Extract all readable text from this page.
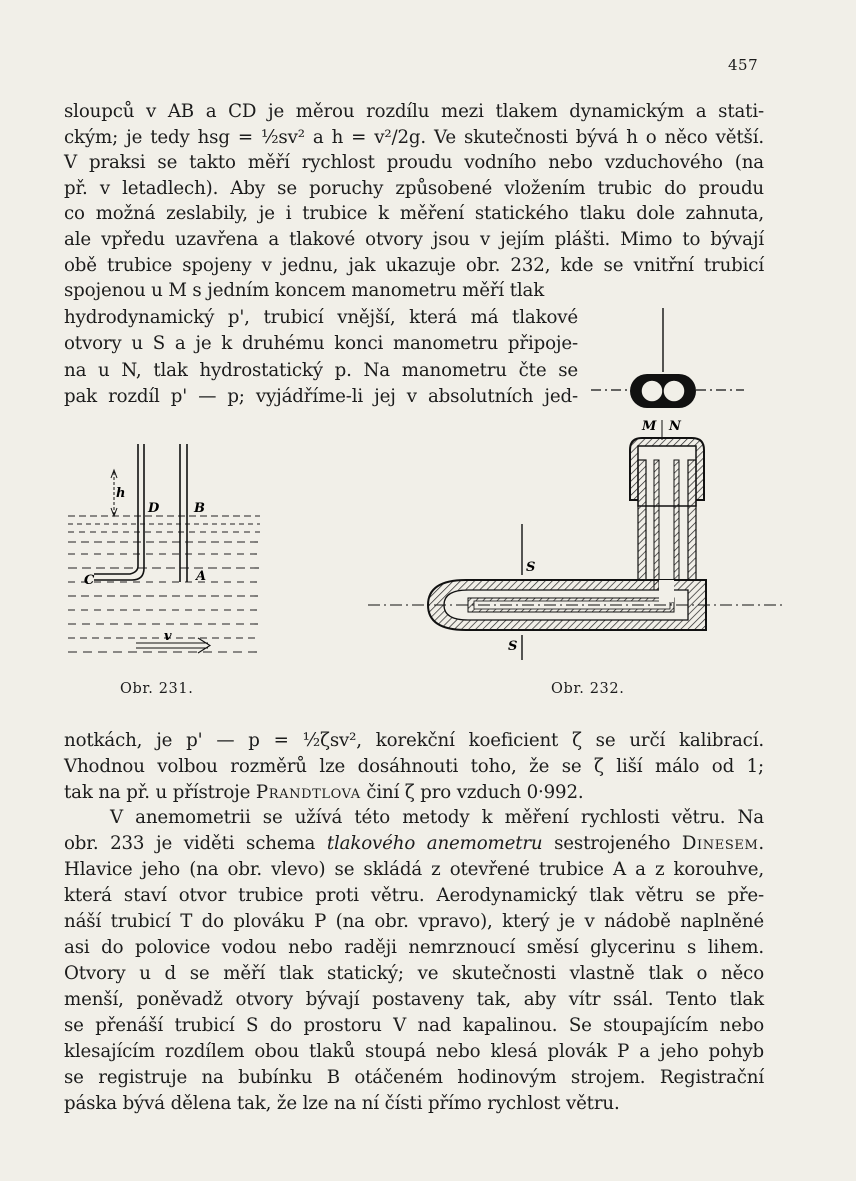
457
sloupců v AB a CD je měrou rozdílu mezi tlakem dynamickým a stati-
ckým; je tedy hsg = ½sv² a h = v²/2g. Ve skutečnosti bývá h o něco větší.
V praksi se takto měří rychlost proudu vodního nebo vzduchového (na
př. v letadlech). Aby se poruchy způsobené vložením trubic do proudu
co možná zeslabily, je i trubice k měření statického tlaku dole zahnuta,
ale vpředu uzavřena a tlakové otvory jsou v jejím plášti. Mimo to bývají
obě trubice spojeny v jednu, jak ukazuje obr. 232, kde se vnitřní trubicí
spojenou u M s jedním koncem manometru měří tlak
hydrodynamický p', trubicí vnější, která má tlakové
otvory u S a je k druhému konci manometru připoje-
na u N, tlak hydrostatický p. Na manometru čte se
pak rozdíl p' — p; vyjádříme-li jej v absolutních jed-
h
D	B
C	A
v
Obr. 231.
M N
S
S
Obr. 232.
notkách, je p' — p = ½ζsv², korekční koeficient ζ se určí kalibrací.
Vhodnou volbou rozměrů lze dosáhnouti toho, že se ζ liší málo od 1;
tak na př. u přístroje Prandtlova činí ζ pro vzduch 0·992.
V anemometrii se užívá této metody k měření rychlosti větru. Na
obr. 233 je viděti schema tlakového anemometru sestrojeného Dinesem.
Hlavice jeho (na obr. vlevo) se skládá z otevřené trubice A a z korouhve,
která staví otvor trubice proti větru. Aerodynamický tlak větru se pře-
náší trubicí T do plováku P (na obr. vpravo), který je v nádobě naplněné
asi do polovice vodou nebo raději nemrznoucí směsí glycerinu s lihem.
Otvory u d se měří tlak statický; ve skutečnosti vlastně tlak o něco
menší, poněvadž otvory bývají postaveny tak, aby vítr ssál. Tento tlak
se přenáší trubicí S do prostoru V nad kapalinou. Se stoupajícím nebo
klesajícím rozdílem obou tlaků stoupá nebo klesá plovák P a jeho pohyb
se registruje na bubínku B otáčeném hodinovým strojem. Registrační
páska bývá dělena tak, že lze na ní čísti přímo rychlost větru.
